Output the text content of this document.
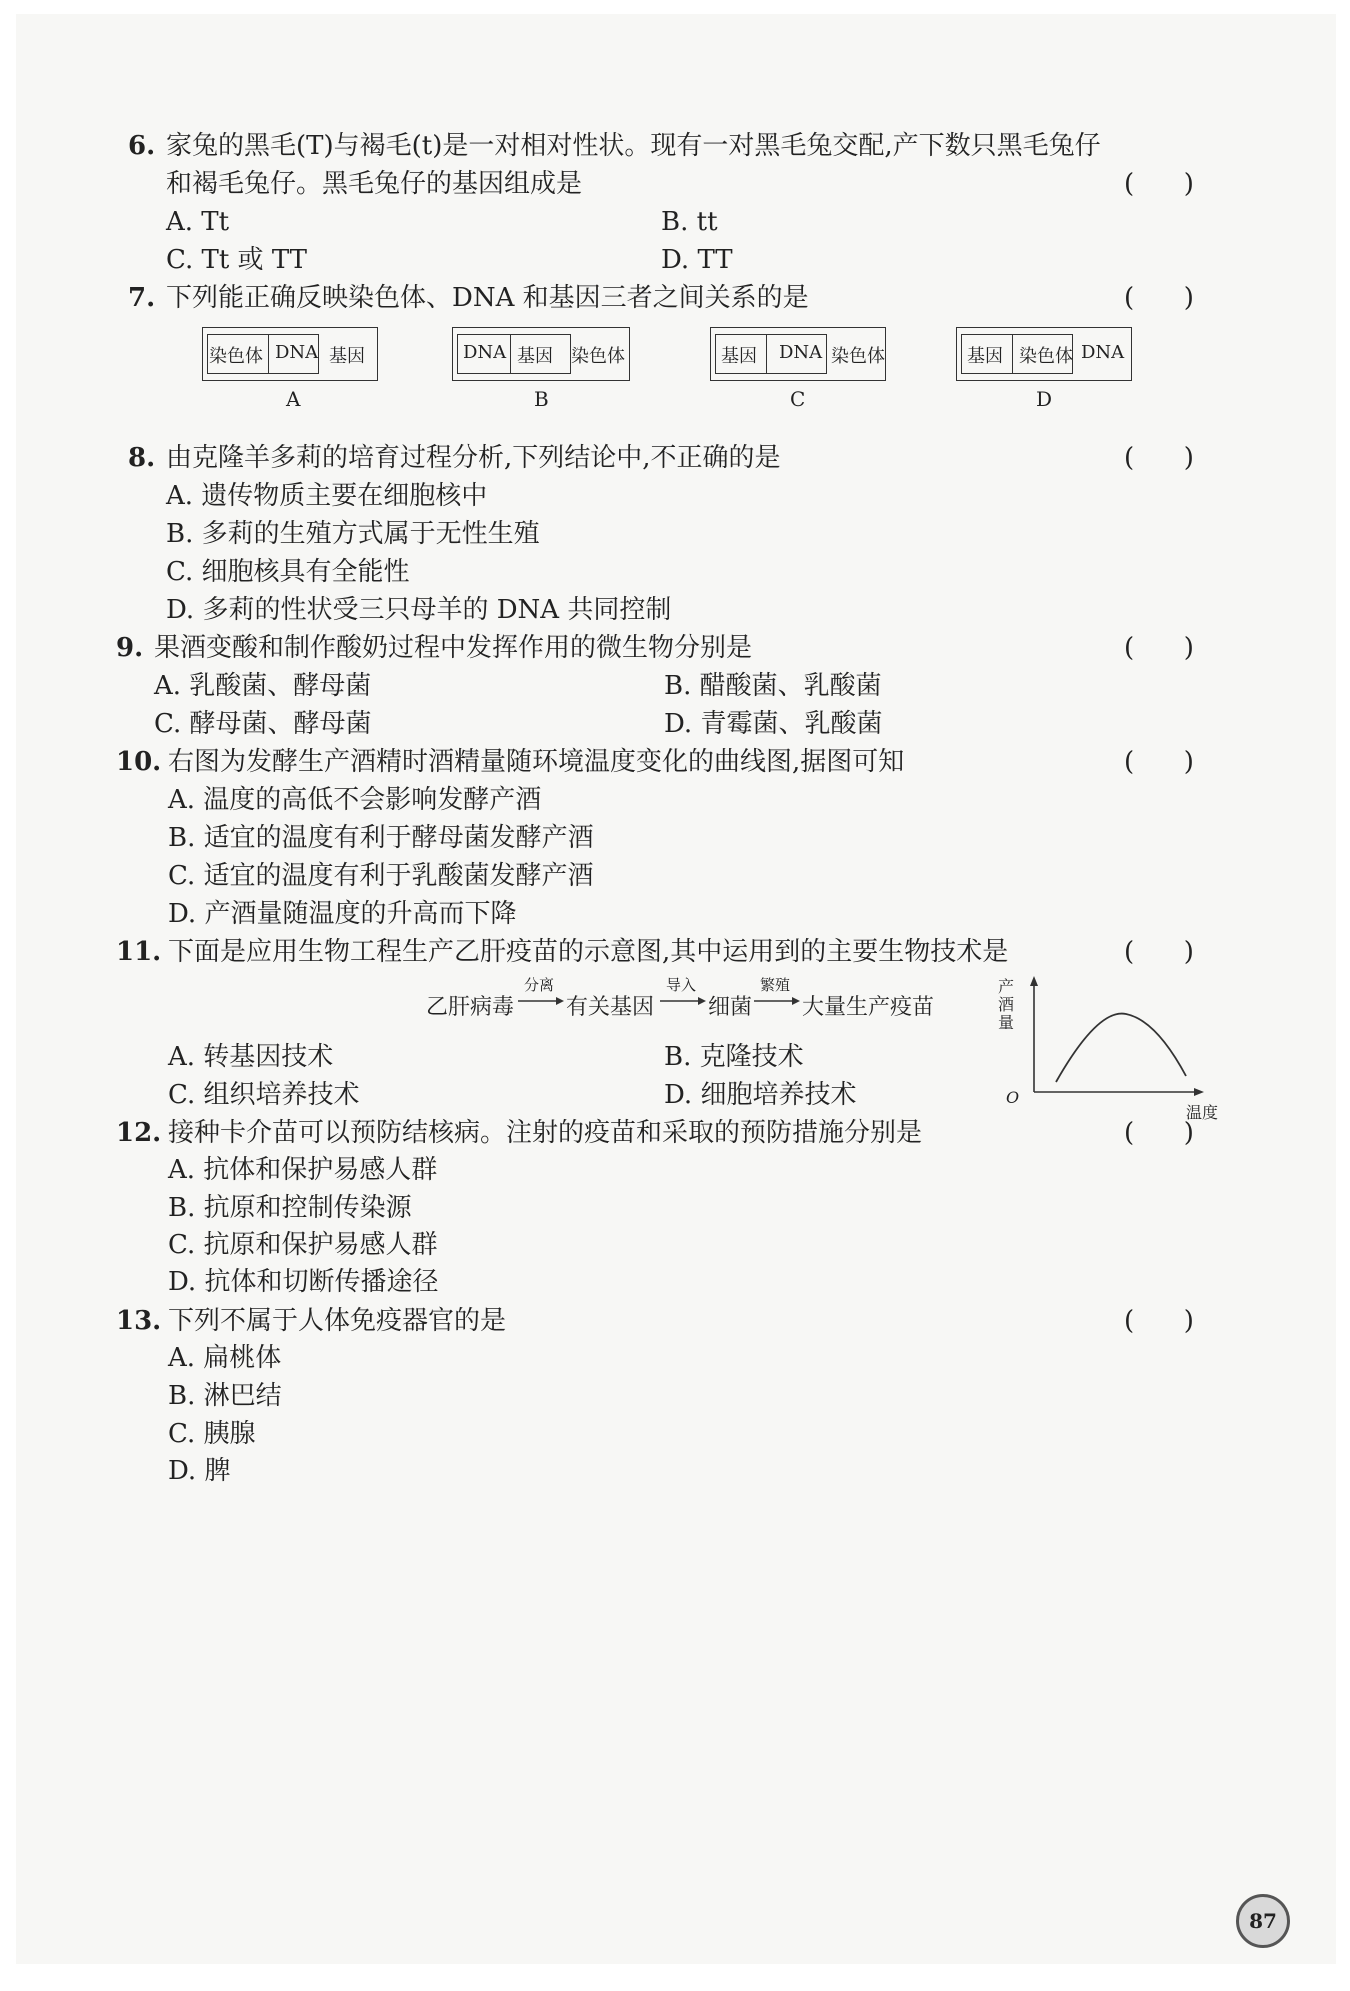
6. 家兔的黑毛(T)与褐毛(t)是一对相对性状。现有一对黑毛兔交配,产下数只黑毛兔仔
和褐毛兔仔。黑毛兔仔的基因组成是	(      )
A. Tt	B. tt
C. Tt 或 TT	D. TT
7. 下列能正确反映染色体、DNA 和基因三者之间关系的是	(      )
染色体 DNA 基因
A
DNA 基因 染色体
B
基因 DNA 染色体
C
基因 染色体 DNA
D
8. 由克隆羊多莉的培育过程分析,下列结论中,不正确的是	(      )
A. 遗传物质主要在细胞核中
B. 多莉的生殖方式属于无性生殖
C. 细胞核具有全能性
D. 多莉的性状受三只母羊的 DNA 共同控制
9. 果酒变酸和制作酸奶过程中发挥作用的微生物分别是	(      )
A. 乳酸菌、酵母菌	B. 醋酸菌、乳酸菌
C. 酵母菌、酵母菌	D. 青霉菌、乳酸菌
10. 右图为发酵生产酒精时酒精量随环境温度变化的曲线图,据图可知	(      )
A. 温度的高低不会影响发酵产酒
B. 适宜的温度有利于酵母菌发酵产酒
C. 适宜的温度有利于乳酸菌发酵产酒
D. 产酒量随温度的升高而下降
产酒量
O
温度
11. 下面是应用生物工程生产乙肝疫苗的示意图,其中运用到的主要生物技术是	(      )
A. 转基因技术	B. 克隆技术
C. 组织培养技术	D. 细胞培养技术
乙肝病毒
分离
有关基因
导入
细菌
繁殖
大量生产疫苗
12. 接种卡介苗可以预防结核病。注射的疫苗和采取的预防措施分别是	(      )
A. 抗体和保护易感人群
B. 抗原和控制传染源
C. 抗原和保护易感人群
D. 抗体和切断传播途径
13. 下列不属于人体免疫器官的是	(      )
A. 扁桃体
B. 淋巴结
C. 胰腺
D. 脾
87
